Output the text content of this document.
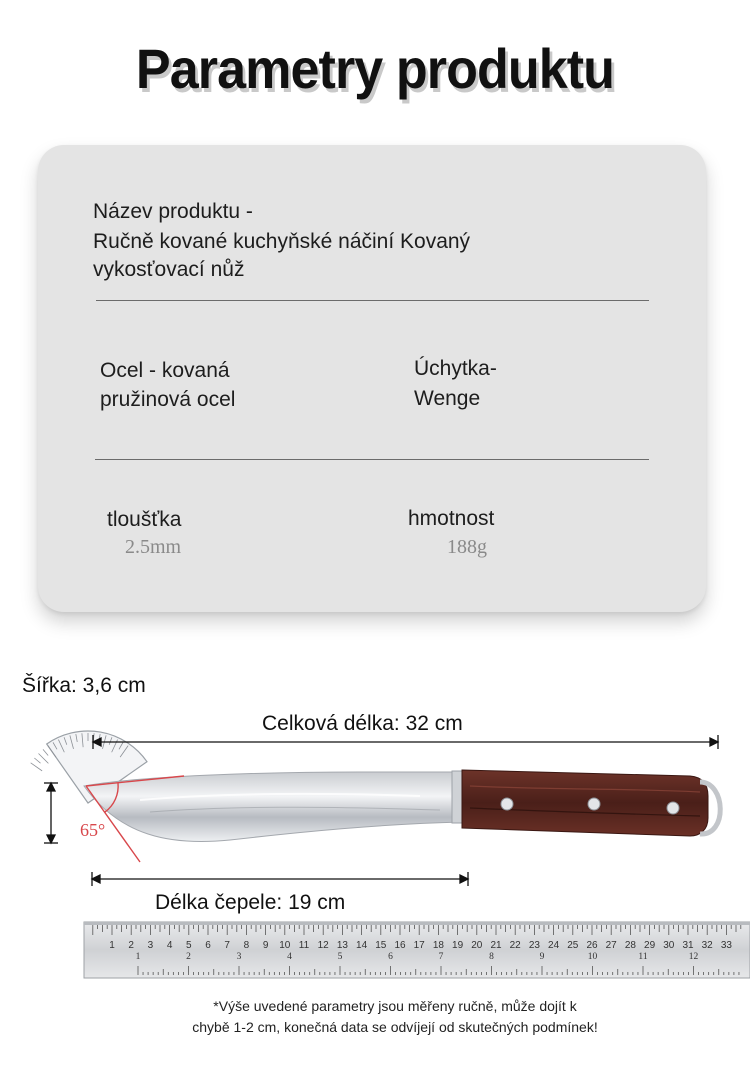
Parametry produktu
Název produktu -
Ručně kované kuchyňské náčiní Kovaný
vykosťovací nůž
Ocel - kovaná
pružinová ocel
Úchytka-
Wenge
tloušťka
2.5mm
hmotnost
188g
Šířka: 3,6 cm
Celková délka: 32 cm
Délka čepele: 19 cm
65°
1 2 3 4 5 6 7 8 9 10 11 12 13 14 15 16 17 18 19 20 21 22 23 24 25 26 27 28 29 30 31 32 33
1	2	3	4	5	6	7	8	9	10	11	12
*Výše uvedené parametry jsou měřeny ručně, může dojít k
chybě 1-2 cm, konečná data se odvíjejí od skutečných podmínek!
